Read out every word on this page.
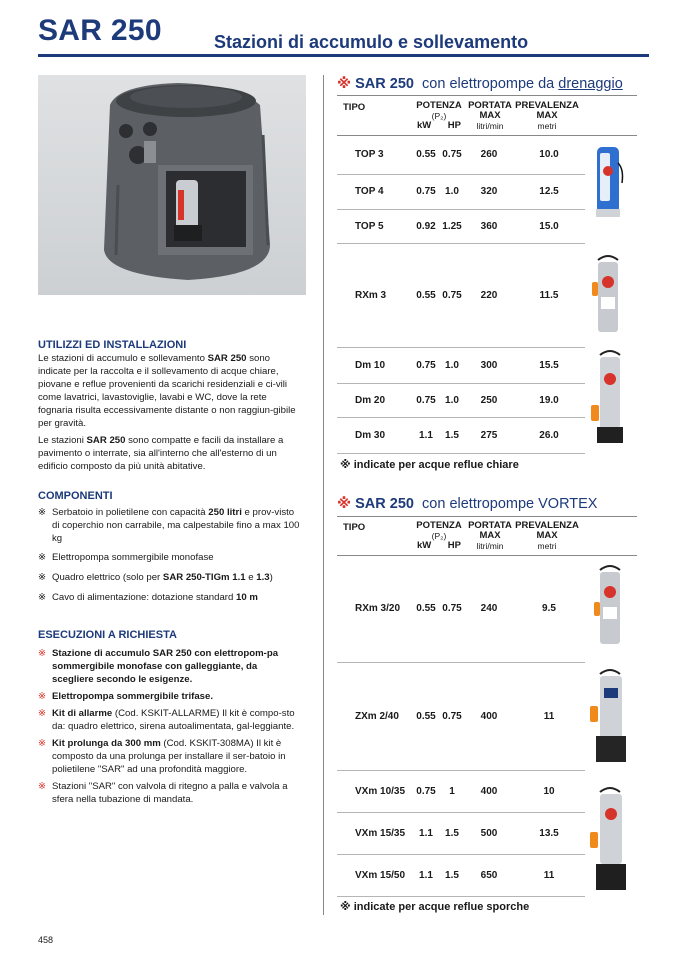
SAR 250	Stazioni di accumulo e sollevamento
UTILIZZI ED INSTALLAZIONI
Le stazioni di accumulo e sollevamento SAR 250 sono indicate per la raccolta e il sollevamento di acque chiare, piovane e reflue provenienti da scarichi residenziali e ci-vili come lavatrici, lavastoviglie, lavabi e WC, dove la rete fognaria risulta eccessivamente distante o non raggiun-gibile per gravità.
Le stazioni SAR 250 sono compatte e facili da installare a pavimento o interrate, sia all'interno che all'esterno di un edificio composto da più unità abitative.
COMPONENTI
※ Serbatoio in polietilene con capacità 250 litri e prov-visto di coperchio non carrabile, ma calpestabile fino a max 100 kg
※ Elettropompa sommergibile monofase
※ Quadro elettrico (solo per SAR 250-TIGm 1.1 e 1.3)
※ Cavo di alimentazione: dotazione standard 10 m
ESECUZIONI A RICHIESTA
※ Stazione di accumulo SAR 250 con elettropom-pa sommergibile monofase con galleggiante, da scegliere secondo le esigenze.
※ Elettropompa sommergibile trifase.
※ Kit di allarme (Cod. KSKIT-ALLARME) Il kit è compo-sto da: quadro elettrico, sirena autoalimentata, gal-leggiante.
※ Kit prolunga da 300 mm (Cod. KSKIT-308MA) Il kit è composto da una prolunga per installare il ser-batoio in polietilene "SAR" ad una profondità maggiore.
※ Stazioni "SAR" con valvola di ritegno a palla e valvola a sfera nella tubazione di mandata.
※ SAR 250 con elettropompe da drenaggio
TIPO	POTENZA
(P₂)
kW HP
PORTATA
MAX
litri/min
PREVALENZA
MAX
metri
TOP 3	0.55	0.75	260	10.0
TOP 4	0.75	1.0	320	12.5
TOP 5	0.92	1.25	360	15.0
RXm 3	0.55	0.75	220	11.5
Dm 10	0.75	1.0	300	15.5
Dm 20	0.75	1.0	250	19.0
Dm 30	1.1	1.5	275	26.0
※ indicate per acque reflue chiare
※ SAR 250 con elettropompe VORTEX
TIPO	POTENZA
(P₂)
kW HP
PORTATA
MAX
litri/min
PREVALENZA
MAX
metri
RXm 3/20	0.55	0.75	240	9.5
ZXm 2/40	0.55	0.75	400	11
VXm 10/35	0.75	1	400	10
VXm 15/35	1.1	1.5	500	13.5
VXm 15/50	1.1	1.5	650	11
※ indicate per acque reflue sporche
458
